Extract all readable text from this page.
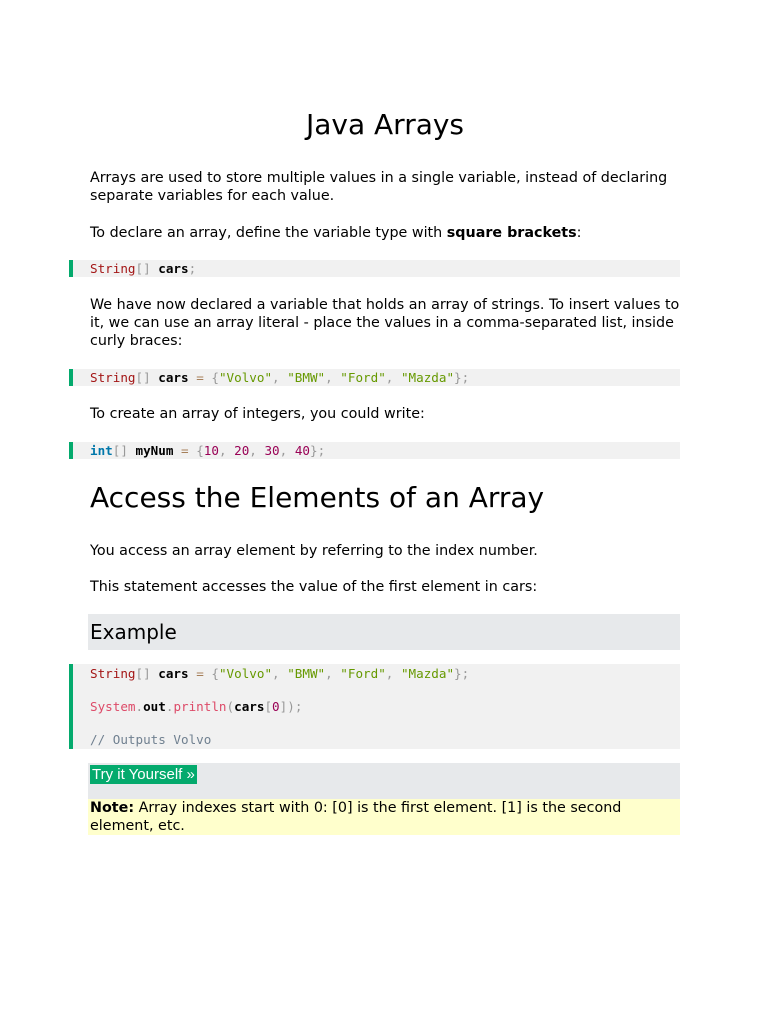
Java Arrays

Arrays are used to store multiple values in a single variable, instead of declaring separate variables for each value.

To declare an array, define the variable type with square brackets:

String[] cars;

We have now declared a variable that holds an array of strings. To insert values to it, we can use an array literal - place the values in a comma-separated list, inside curly braces:

String[] cars = {"Volvo", "BMW", "Ford", "Mazda"};

To create an array of integers, you could write:

int[] myNum = {10, 20, 30, 40};
Access the Elements of an Array

You access an array element by referring to the index number.

This statement accesses the value of the first element in cars:

Example
String[] cars = {"Volvo", "BMW", "Ford", "Mazda"};
System.out.println(cars[0]);
// Outputs Volvo
Try it Yourself »
Note: Array indexes start with 0: [0] is the first element. [1] is the second element, etc.
